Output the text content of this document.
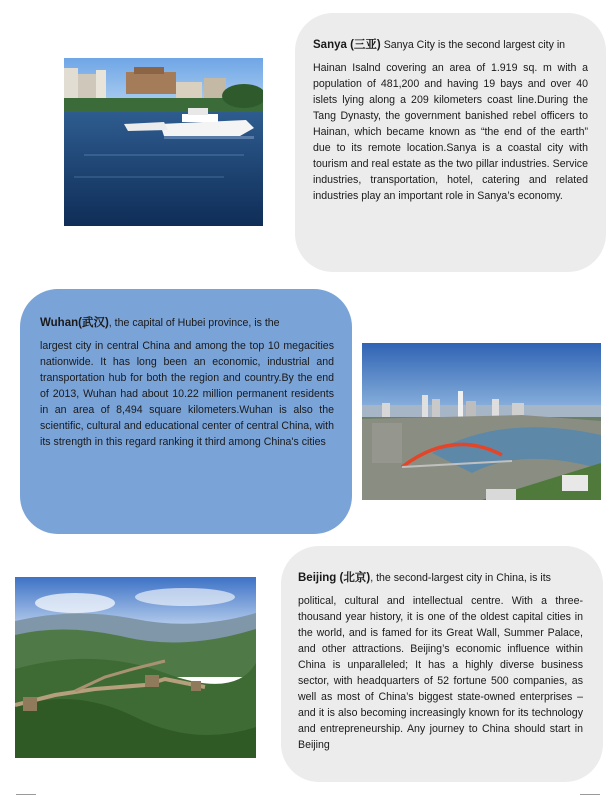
Sanya (三亚) Sanya City is the second largest city in
Hainan Isalnd covering an area of 1.919 sq. m with a population of 481,200 and having 19 bays and over 40 islets lying along a 209 kilometers coast line.During the Tang Dynasty, the government banished rebel officers to Hainan, which became known as “the end of the earth” due to its remote location.Sanya is a coastal city with tourism and real estate as the two pillar industries. Service industries, transportation, hotel, catering and related industries play an important role in Sanya’s economy.
Wuhan(武汉), the capital of Hubei province, is the
largest city in central China and among the top 10 megacities nationwide. It has long been an economic, industrial and transportation hub for both the region and country.By the end of 2013, Wuhan had about 10.22 million permanent residents in an area of 8,494 square kilometers.Wuhan is also the scientific, cultural and educational center of central China, with its strength in this regard ranking it third among China's cities
Beijing (北京), the second-largest city in China, is its
political, cultural and intellectual centre. With a three-thousand year history, it is one of the oldest capital cities in the world, and is famed for its Great Wall, Summer Palace, and other attractions. Beijing’s economic influence within China is unparalleled; It has a highly diverse business sector, with headquarters of 52 fortune 500 companies, as well as most of China’s biggest state-owned enterprises – and it is also becoming increasingly known for its technology and entrepreneurship. Any journey to China should start in Beijing
